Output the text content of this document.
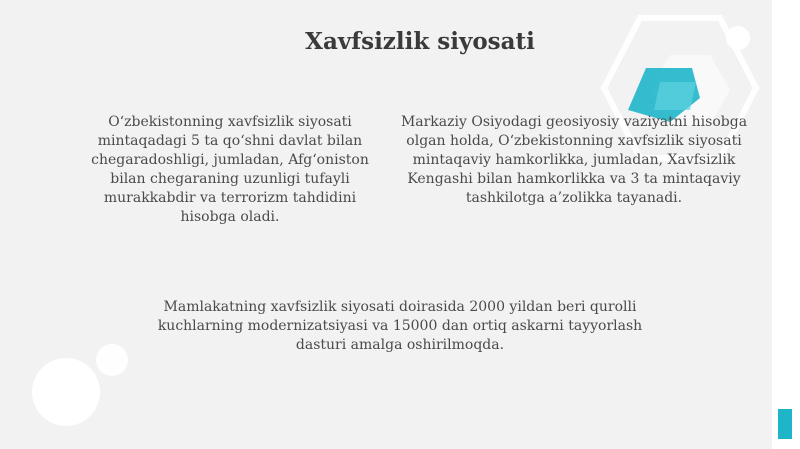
Xavfsizlik siyosati
O‘zbekistonning xavfsizlik siyosati mintaqadagi 5 ta qo‘shni davlat bilan chegaradoshligi, jumladan, Afg‘oniston bilan chegaraning uzunligi tufayli murakkabdir va terrorizm tahdidini hisobga oladi.
Markaziy Osiyodagi geosiyosiy vaziyatni hisobga olgan holda, O‘zbekistonning xavfsizlik siyosati mintaqaviy hamkorlikka, jumladan, Xavfsizlik Kengashi bilan hamkorlikka va 3 ta mintaqaviy tashkilotga a’zolikka tayanadi.
Mamlakatning xavfsizlik siyosati doirasida 2000 yildan beri qurolli kuchlarning modernizatsiyasi va 15000 dan ortiq askarni tayyorlash dasturi amalga oshirilmoqda.
